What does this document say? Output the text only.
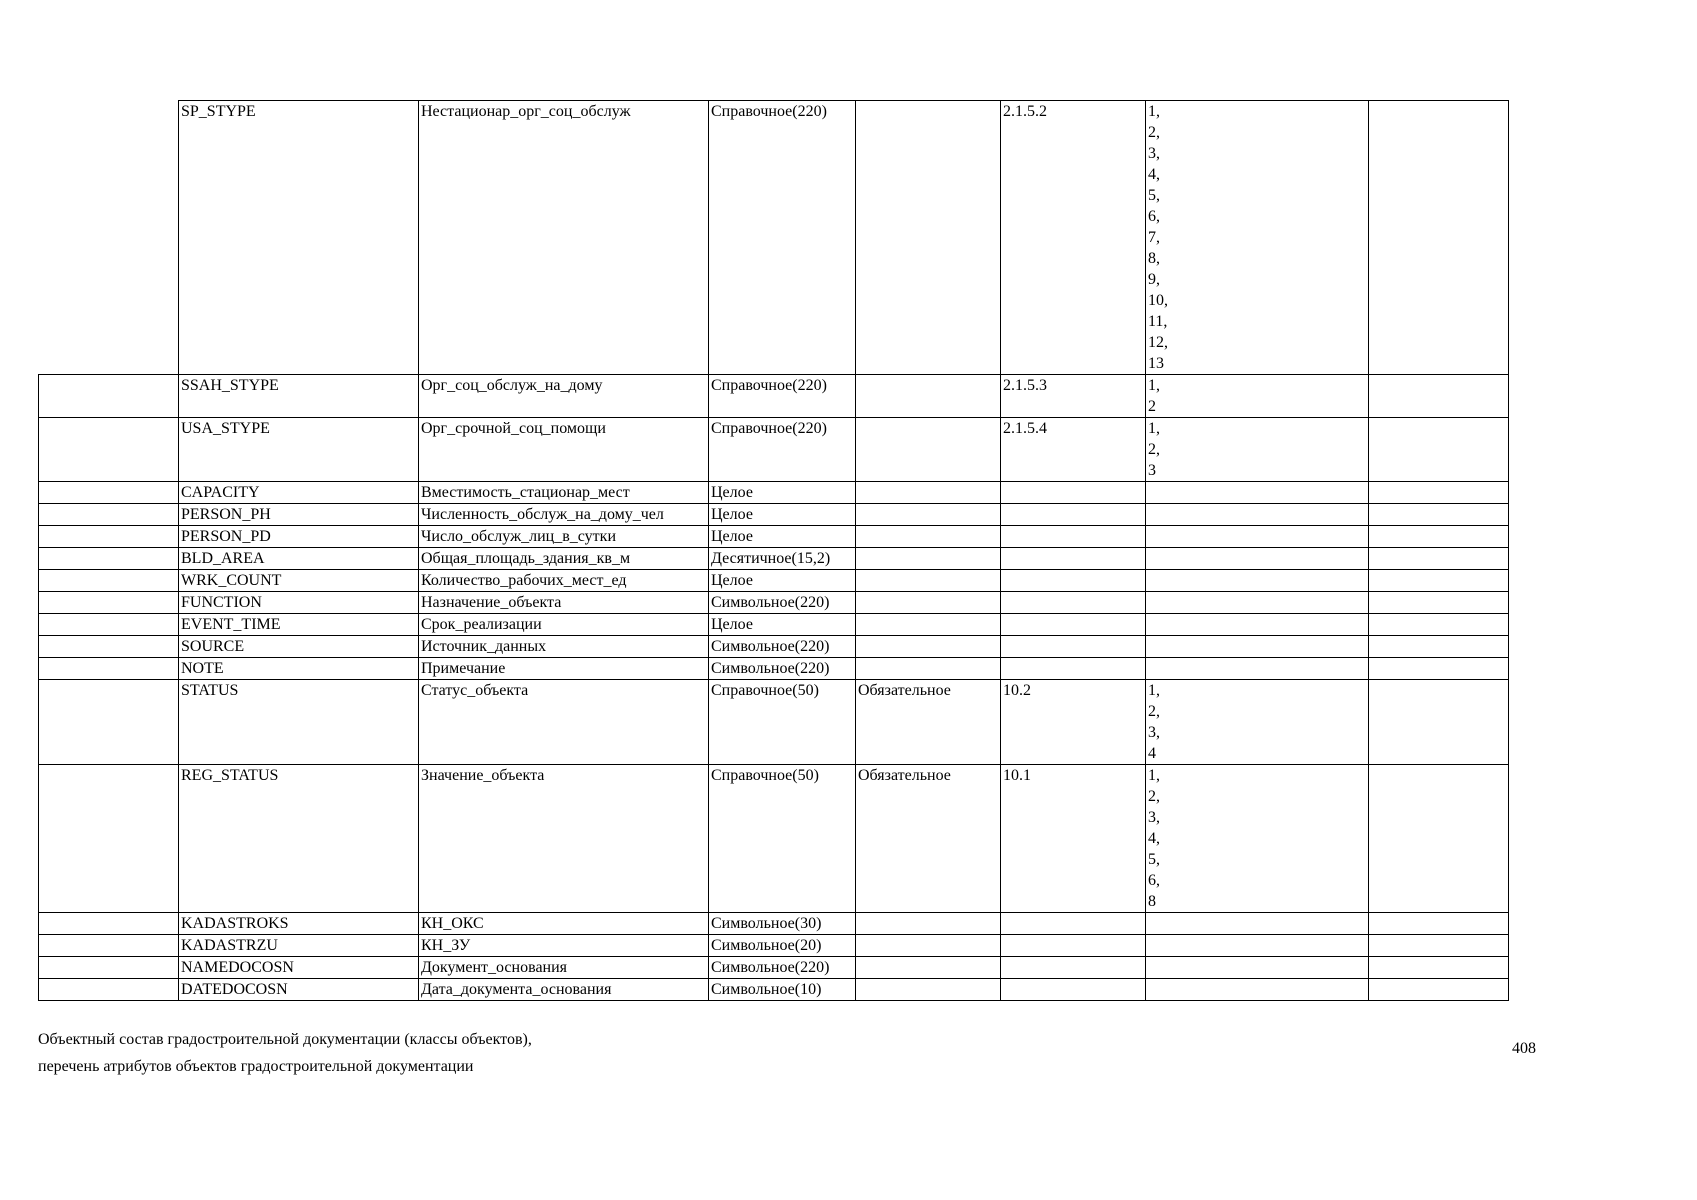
	SP_STYPE	Нестационар_орг_соц_обслуж	Справочное(220)		2.1.5.2	1,
2,
3,
4,
5,
6,
7,
8,
9,
10,
11,
12,
13

	SSAH_STYPE	Орг_соц_обслуж_на_дому	Справочное(220)		2.1.5.3	1,
2	

	USA_STYPE	Орг_срочной_соц_помощи	Справочное(220)		2.1.5.4	1,
2,
3	

	CAPACITY	Вместимость_стационар_мест	Целое				
	PERSON_PH	Численность_обслуж_на_дому_чел	Целое				
	PERSON_PD	Число_обслуж_лиц_в_сутки	Целое				
	BLD_AREA	Общая_площадь_здания_кв_м	Десятичное(15,2)				
	WRK_COUNT	Количество_рабочих_мест_ед	Целое				
	FUNCTION	Назначение_объекта	Символьное(220)				
	EVENT_TIME	Срок_реализации	Целое				
	SOURCE	Источник_данных	Символьное(220)				
	NOTE	Примечание	Символьное(220)				
	STATUS	Статус_объекта	Справочное(50)	Обязательное	10.2	1,
2,
3,
4	

	REG_STATUS	Значение_объекта	Справочное(50)	Обязательное	10.1	1,
2,
3,
4,
5,
6,
8

	KADASTROKS	КН_ОКС	Символьное(30)				
	KADASTRZU	КН_ЗУ	Символьное(20)				
	NAMEDOCOSN	Документ_основания	Символьное(220)				
	DATEDOCOSN	Дата_документа_основания	Символьное(10)				
Объектный состав градостроительной документации (классы объектов),
перечень атрибутов объектов градостроительной документации
408
